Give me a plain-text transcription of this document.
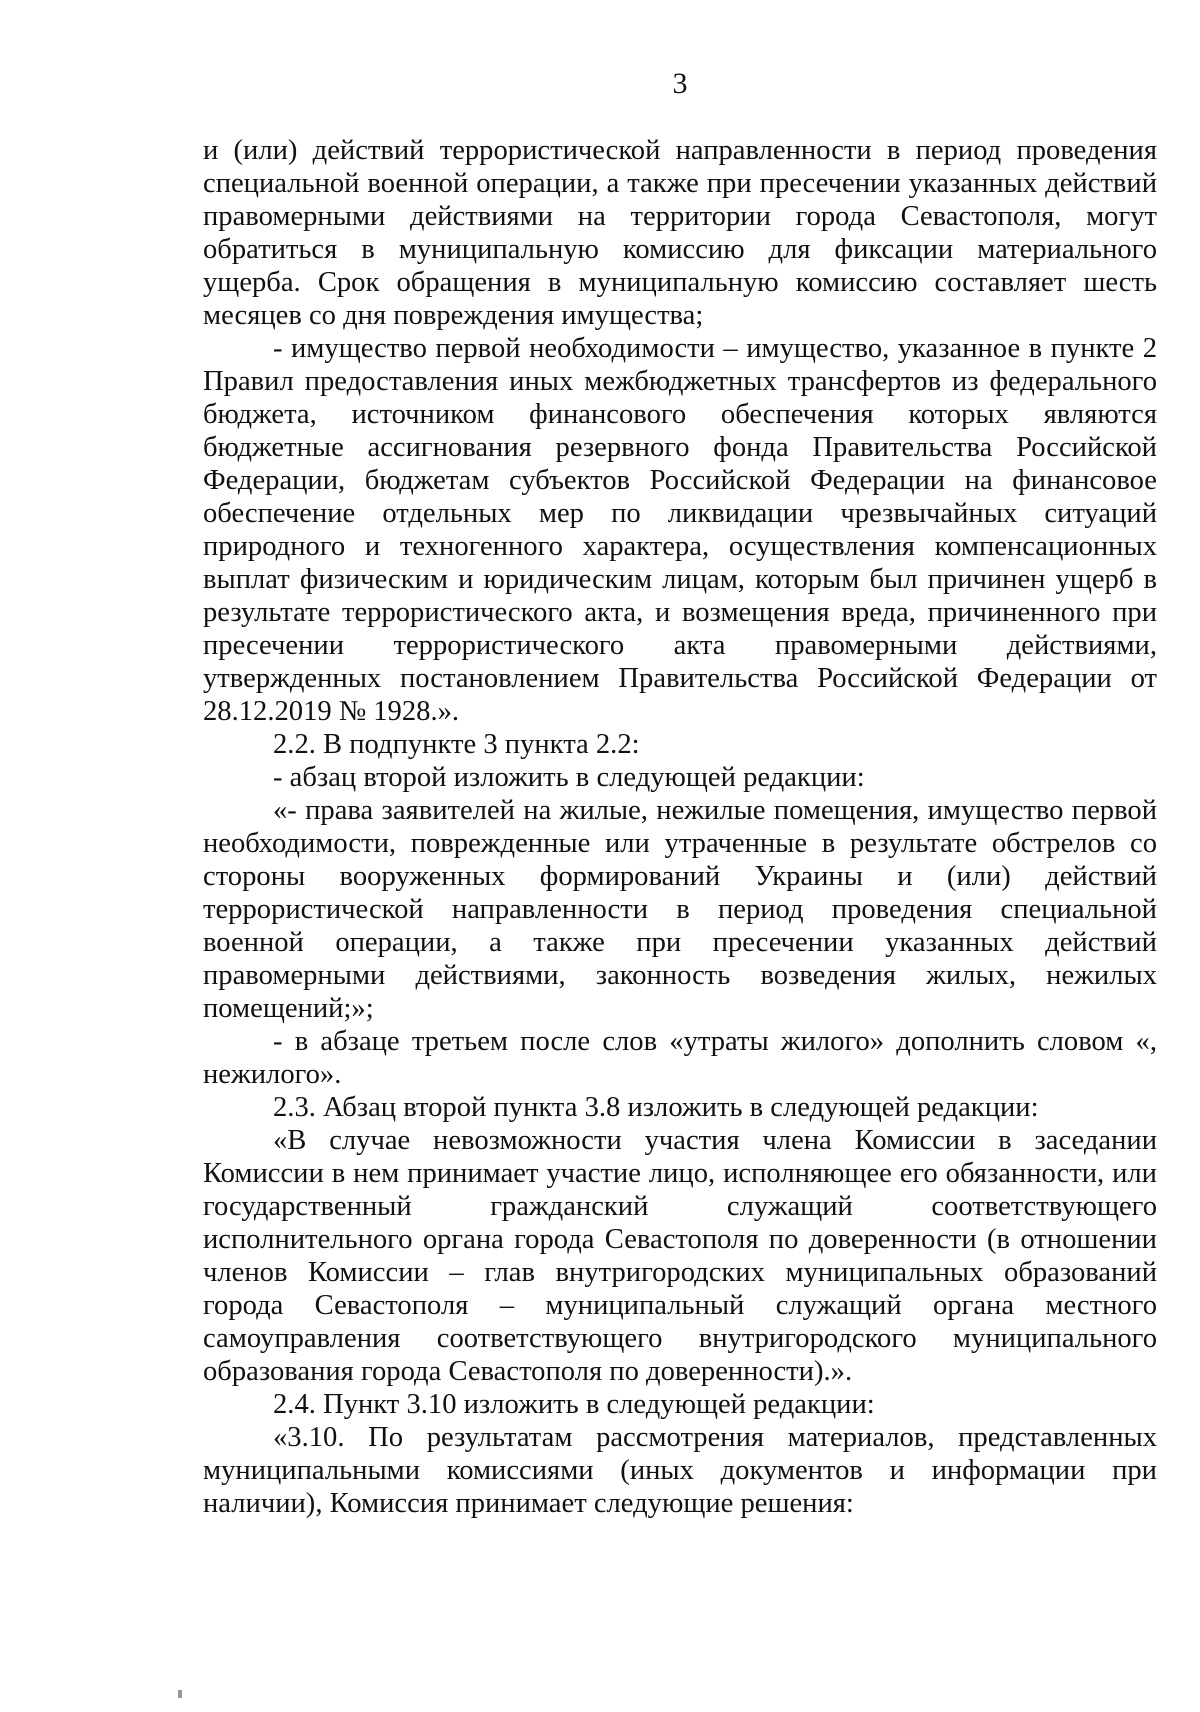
3

и (или) действий террористической направленности в период проведения специальной военной операции, а также при пресечении указанных действий правомерными действиями на территории города Севастополя, могут обратиться в муниципальную комиссию для фиксации материального ущерба. Срок обращения в муниципальную комиссию составляет шесть месяцев со дня повреждения имущества;

- имущество первой необходимости – имущество, указанное в пункте 2 Правил предоставления иных межбюджетных трансфертов из федерального бюджета, источником финансового обеспечения которых являются бюджетные ассигнования резервного фонда Правительства Российской Федерации, бюджетам субъектов Российской Федерации на финансовое обеспечение отдельных мер по ликвидации чрезвычайных ситуаций природного и техногенного характера, осуществления компенсационных выплат физическим и юридическим лицам, которым был причинен ущерб в результате террористического акта, и возмещения вреда, причиненного при пресечении террористического акта правомерными действиями, утвержденных постановлением Правительства Российской Федерации от 28.12.2019 № 1928.».

2.2. В подпункте 3 пункта 2.2:

- абзац второй изложить в следующей редакции:

«- права заявителей на жилые, нежилые помещения, имущество первой необходимости, поврежденные или утраченные в результате обстрелов со стороны вооруженных формирований Украины и (или) действий террористической направленности в период проведения специальной военной операции, а также при пресечении указанных действий правомерными действиями, законность возведения жилых, нежилых помещений;»;

- в абзаце третьем после слов «утраты жилого» дополнить словом «, нежилого».

2.3. Абзац второй пункта 3.8 изложить в следующей редакции:

«В случае невозможности участия члена Комиссии в заседании Комиссии в нем принимает участие лицо, исполняющее его обязанности, или государственный гражданский служащий соответствующего исполнительного органа города Севастополя по доверенности (в отношении членов Комиссии – глав внутригородских муниципальных образований города Севастополя – муниципальный служащий органа местного самоуправления соответствующего внутригородского муниципального образования города Севастополя по доверенности).».

2.4. Пункт 3.10 изложить в следующей редакции:

«3.10. По результатам рассмотрения материалов, представленных муниципальными комиссиями (иных документов и информации при наличии), Комиссия принимает следующие решения:
